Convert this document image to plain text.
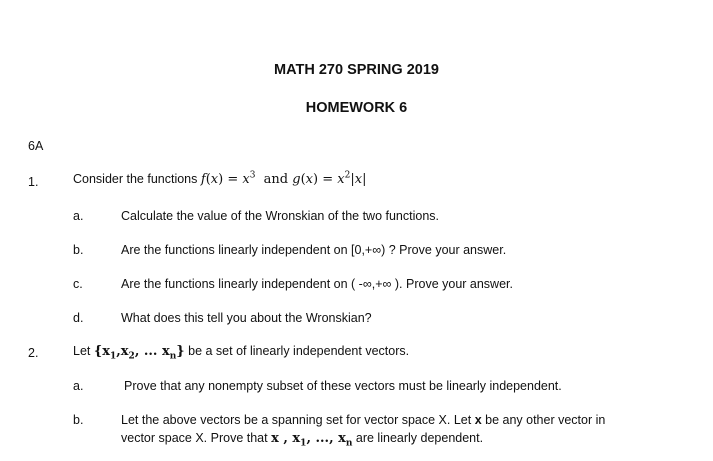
MATH 270 SPRING 2019
HOMEWORK 6
6A
1.	Consider the functions $f(x) = x^3$  and $g(x) = x^2|x|$
a.	Calculate the value of the Wronskian of the two functions.
b.	Are the functions linearly independent on [0,+∞) ? Prove your answer.
c.	Are the functions linearly independent on ( -∞,+∞ ). Prove your answer.
d.	What does this tell you about the Wronskian?
2.	Let {$x_1,x_2$, ... $x_n$} be a set of linearly independent vectors.
a.	Prove that any nonempty subset of these vectors must be linearly independent.
b.	Let the above vectors be a spanning set for vector space X. Let x be any other vector in
vector space X. Prove that x , $x_1$, ..., $x_n$ are linearly dependent.
